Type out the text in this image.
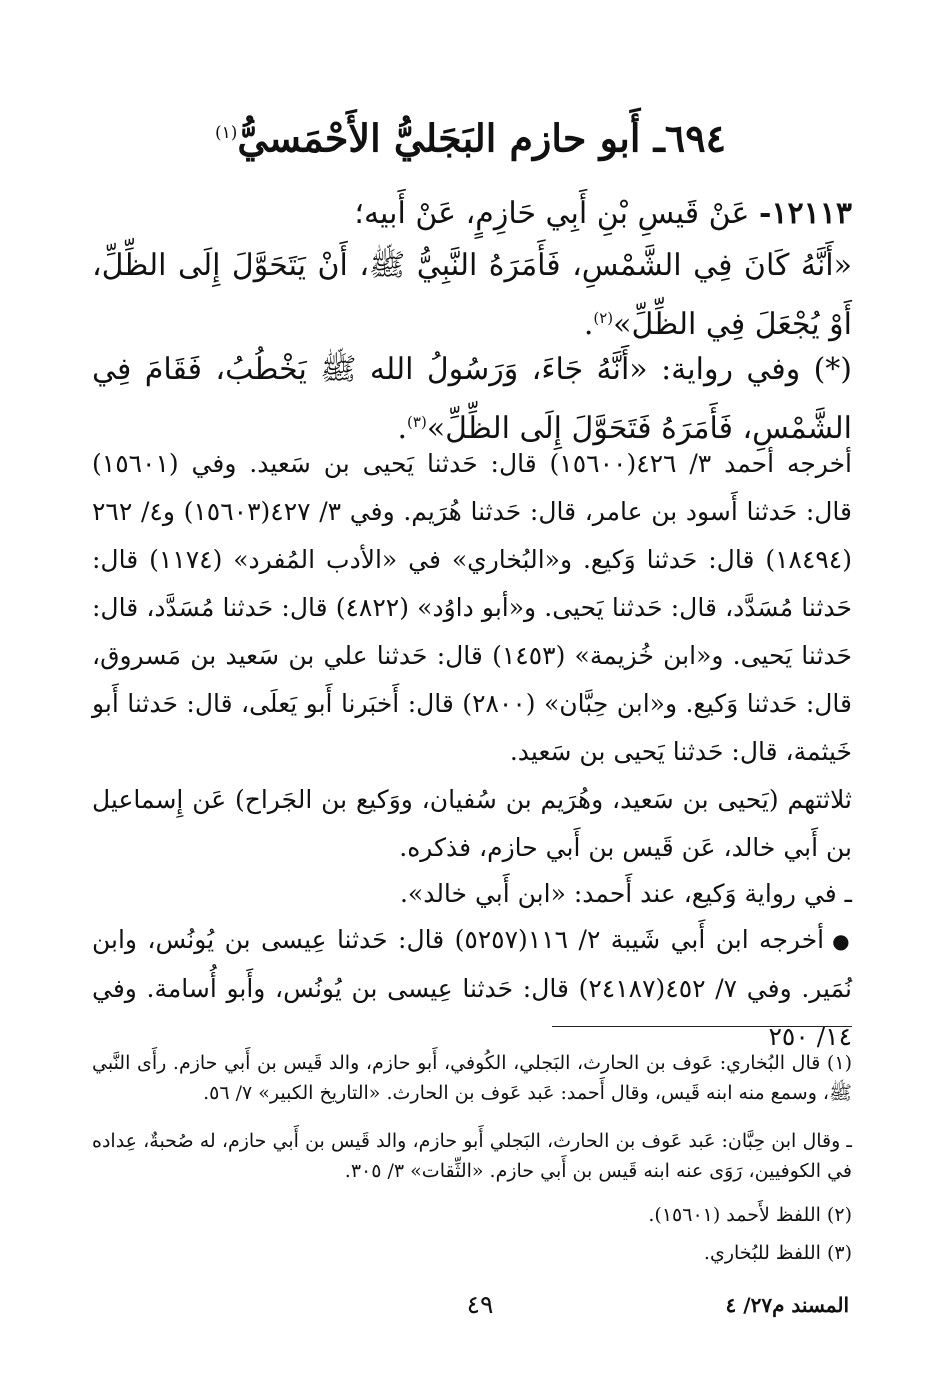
٦٩٤ـ أَبو حازم البَجَليُّ الأَحْمَسيُّ$^{(١)}$
١٢١١٣- عَنْ قَيسِ بْنِ أَبِي حَازِمٍ، عَنْ أَبيه؛
«أَنَّهُ كَانَ فِي الشَّمْسِ، فَأَمَرَهُ النَّبِيُّ ﷺ، أَنْ يَتَحَوَّلَ إِلَى الظِّلِّ، أَوْ يُجْعَلَ فِي الظِّلِّ»$^{(٢)}$.
(*) وفي رواية: «أَنَّهُ جَاءَ، وَرَسُولُ الله ﷺ يَخْطُبُ، فَقَامَ فِي الشَّمْسِ، فَأَمَرَهُ فَتَحَوَّلَ إِلَى الظِّلِّ»$^{(٣)}$.
أخرجه أحمد ٣/ ٤٢٦(١٥٦٠٠) قال: حَدثنا يَحيى بن سَعيد. وفي (١٥٦٠١) قال: حَدثنا أَسود بن عامر، قال: حَدثنا هُرَيم. وفي ٣/ ٤٢٧(١٥٦٠٣) و٤/ ٢٦٢ (١٨٤٩٤) قال: حَدثنا وَكيع. و«البُخاري» في «الأدب المُفرد» (١١٧٤) قال: حَدثنا مُسَدَّد، قال: حَدثنا يَحيى. و«أبو داوُد» (٤٨٢٢) قال: حَدثنا مُسَدَّد، قال: حَدثنا يَحيى. و«ابن خُزيمة» (١٤٥٣) قال: حَدثنا علي بن سَعيد بن مَسروق، قال: حَدثنا وَكيع. و«ابن حِبَّان» (٢٨٠٠) قال: أَخبَرنا أَبو يَعلَى، قال: حَدثنا أَبو خَيثمة، قال: حَدثنا يَحيى بن سَعيد.
ثلاثتهم (يَحيى بن سَعيد، وهُرَيم بن سُفيان، ووَكيع بن الجَراح) عَن إِسماعيل بن أَبي خالد، عَن قَيس بن أَبي حازم، فذكره.
ـ في رواية وَكيع، عند أَحمد: «ابن أَبي خالد».
●أخرجه ابن أَبي شَيبة ٢/ ١١٦(٥٢٥٧) قال: حَدثنا عِيسى بن يُونُس، وابن نُمَير. وفي ٧/ ٤٥٢(٢٤١٨٧) قال: حَدثنا عِيسى بن يُونُس، وأَبو أُسامة. وفي ١٤/ ٢٥٠
(١) قال البُخاري: عَوف بن الحارث، البَجلي، الكُوفي، أَبو حازم، والد قَيس بن أَبي حازم. رأَى النَّبي ﷺ، وسمع منه ابنه قَيس، وقال أَحمد: عَبد عَوف بن الحارث. «التاريخ الكبير» ٧/ ٥٦.
ـ وقال ابن حِبَّان: عَبد عَوف بن الحارث، البَجلي أَبو حازم، والد قَيس بن أَبي حازم، له صُحبةٌ، عِداده في الكوفيين، رَوَى عنه ابنه قَيس بن أَبي حازم. «الثِّقات» ٣/ ٣٠٥.
(٢) اللفظ لأَحمد (١٥٦٠١).
(٣) اللفظ للبُخاري.
٤٩	المسند م٢٧/ ٤
